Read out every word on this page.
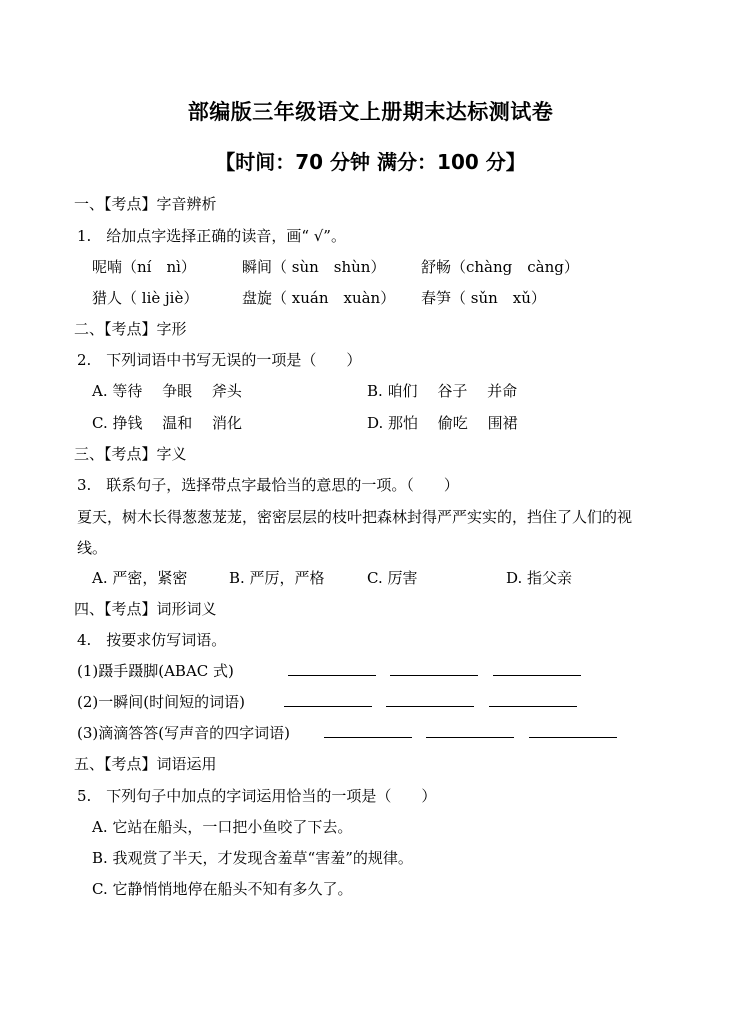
部编版三年级语文上册期末达标测试卷
【时间：70 分钟 满分：100 分】
一、【考点】字音辨析
1.　给加点字选择正确的读音，画“ √”。
呢喃（ní　nì）	瞬间（ sùn　shùn） 舒畅（chàng　càng）
猎人（ liè jiè）	盘旋（ xuán　xuàn） 春笋（ sǔn　xǔ）
二、【考点】字形
2.　下列词语中书写无误的一项是（　　）
A. 等待　 争眼　 斧头	B. 咱们　 谷子　 并命
C. 挣钱　 温和　 消化	D. 那怕　 偷吃　 围裙
三、【考点】字义
3.　联系句子，选择带点字最恰当的意思的一项。（　　）
夏天，树木长得葱葱茏茏，密密层层的枝叶把森林封得严严实实的，挡住了人们的视
线。
A. 严密，紧密	B. 严厉，严格	C. 厉害	D. 指父亲
四、【考点】词形词义
4.　按要求仿写词语。
(1)蹑手蹑脚(ABAC 式)

(2)一瞬间(时间短的词语)

(3)滴滴答答(写声音的四字词语)

五、【考点】词语运用
5.　下列句子中加点的字词运用恰当的一项是（　　）
A. 它站在船头，一口把小鱼咬了下去。
B. 我观赏了半天，才发现含羞草“害羞”的规律。
C. 它静悄悄地停在船头不知有多久了。
